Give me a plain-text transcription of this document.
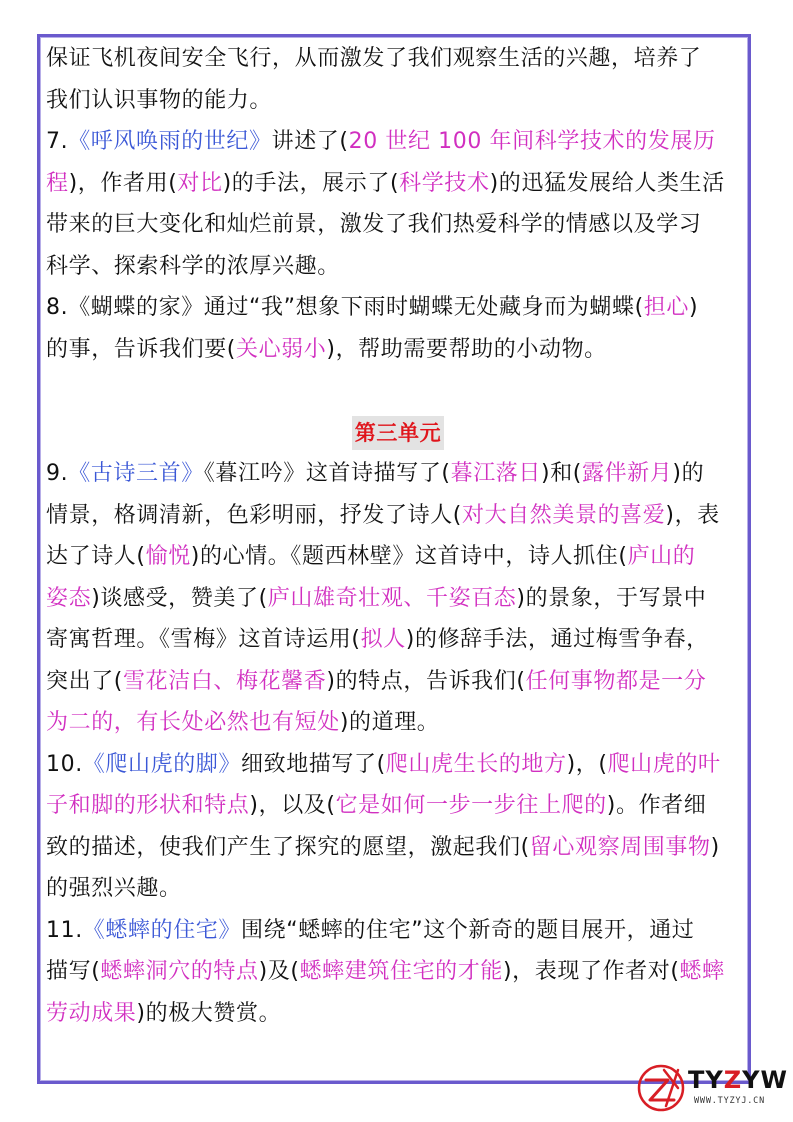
保证飞机夜间安全飞行，从而激发了我们观察生活的兴趣，培养了
我们认识事物的能力。
7.《呼风唤雨的世纪》讲述了(20 世纪 100 年间科学技术的发展历
程)，作者用(对比)的手法，展示了(科学技术)的迅猛发展给人类生活
带来的巨大变化和灿烂前景，激发了我们热爱科学的情感以及学习
科学、探索科学的浓厚兴趣。
8.《蝴蝶的家》通过“我”想象下雨时蝴蝶无处藏身而为蝴蝶(担心)
的事，告诉我们要(关心弱小)，帮助需要帮助的小动物。
第三单元
9.《古诗三首》《暮江吟》这首诗描写了(暮江落日)和(露伴新月)的
情景，格调清新，色彩明丽，抒发了诗人(对大自然美景的喜爱)，表
达了诗人(愉悦)的心情。《题西林壁》这首诗中，诗人抓住(庐山的
姿态)谈感受，赞美了(庐山雄奇壮观、千姿百态)的景象，于写景中
寄寓哲理。《雪梅》这首诗运用(拟人)的修辞手法，通过梅雪争春，
突出了(雪花洁白、梅花馨香)的特点，告诉我们(任何事物都是一分
为二的，有长处必然也有短处)的道理。
10.《爬山虎的脚》细致地描写了(爬山虎生长的地方)，(爬山虎的叶
子和脚的形状和特点)，以及(它是如何一步一步往上爬的)。作者细
致的描述，使我们产生了探究的愿望，激起我们(留心观察周围事物)
的强烈兴趣。
11.《蟋蟀的住宅》围绕“蟋蟀的住宅”这个新奇的题目展开，通过
描写(蟋蟀洞穴的特点)及(蟋蟀建筑住宅的才能)，表现了作者对(蟋蟀
劳动成果)的极大赞赏。
TYZYW
WWW.TYZYJ.CN
